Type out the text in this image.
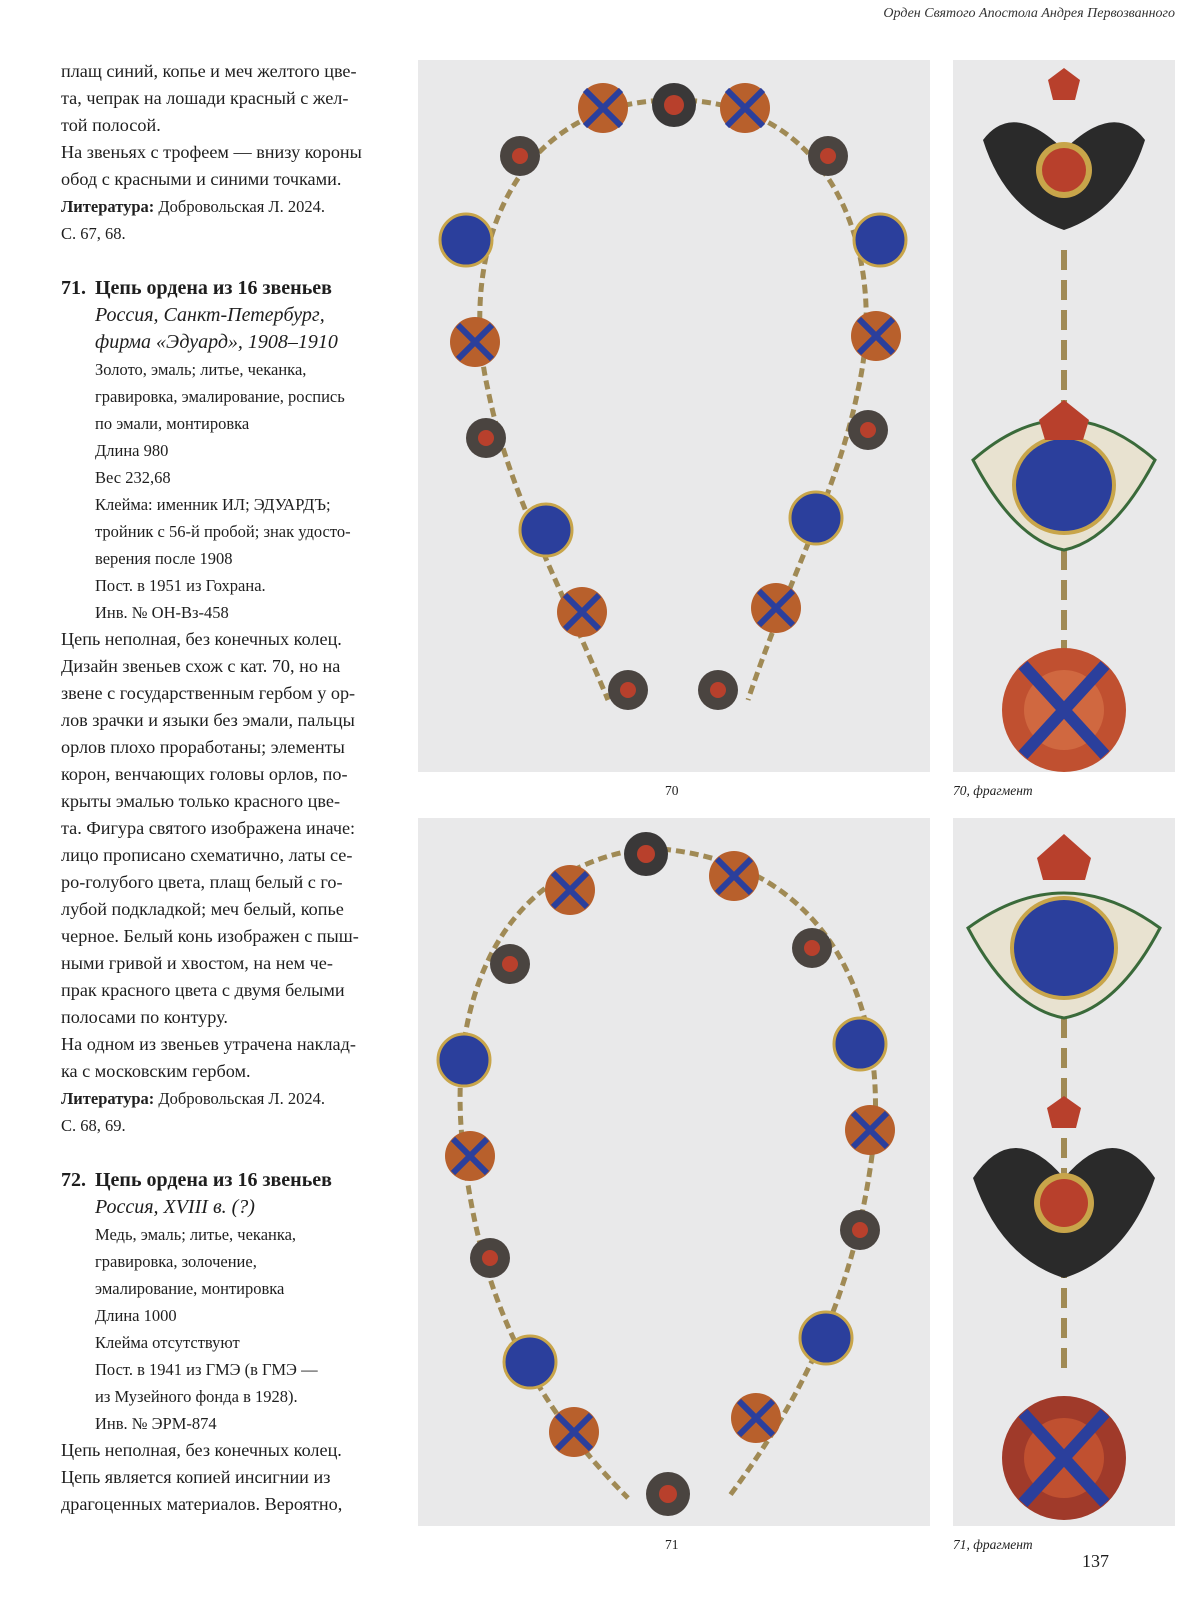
Орден Святого Апостола Андрея Первозванного

плащ синий, копье и меч желтого цве-

та, чепрак на лошади красный с жел-

той полосой.

На звеньях с трофеем — внизу короны

обод с красными и синими точками.

Литература: Добровольская Л. 2024.

С. 67, 68.

71. Цепь ордена из 16 звеньев
Россия, Санкт-Петербург,
фирма «Эдуард», 1908–1910
Золото, эмаль; литье, чеканка,
гравировка, эмалирование, роспись
по эмали, монтировка
Длина 980
Вес 232,68
Клейма: именник ИЛ; ЭДУАРДЪ;
тройник с 56-й пробой; знак удосто-
верения после 1908
Пост. в 1951 из Гохрана.
Инв. № ОН-Вз-458

Цепь неполная, без конечных колец.

Дизайн звеньев схож с кат. 70, но на

звене с государственным гербом у ор-

лов зрачки и языки без эмали, пальцы

орлов плохо проработаны; элементы

корон, венчающих головы орлов, по-

крыты эмалью только красного цве-

та. Фигура святого изображена иначе:

лицо прописано схематично, латы се-

ро-голубого цвета, плащ белый с го-

лубой подкладкой; меч белый, копье

черное. Белый конь изображен с пыш-

ными гривой и хвостом, на нем че-

прак красного цвета с двумя белыми

полосами по контуру.

На одном из звеньев утрачена наклад-

ка с московским гербом.

Литература: Добровольская Л. 2024.

С. 68, 69.

72. Цепь ордена из 16 звеньев
Россия, XVIII в. (?)
Медь, эмаль; литье, чеканка,
гравировка, золочение,
эмалирование, монтировка
Длина 1000
Клейма отсутствуют
Пост. в 1941 из ГМЭ (в ГМЭ —
из Музейного фонда в 1928).
Инв. № ЭРМ-874

Цепь неполная, без конечных колец.

Цепь является копией инсигнии из

драгоценных материалов. Вероятно,

70	70, фрагмент
71	71, фрагмент
137
